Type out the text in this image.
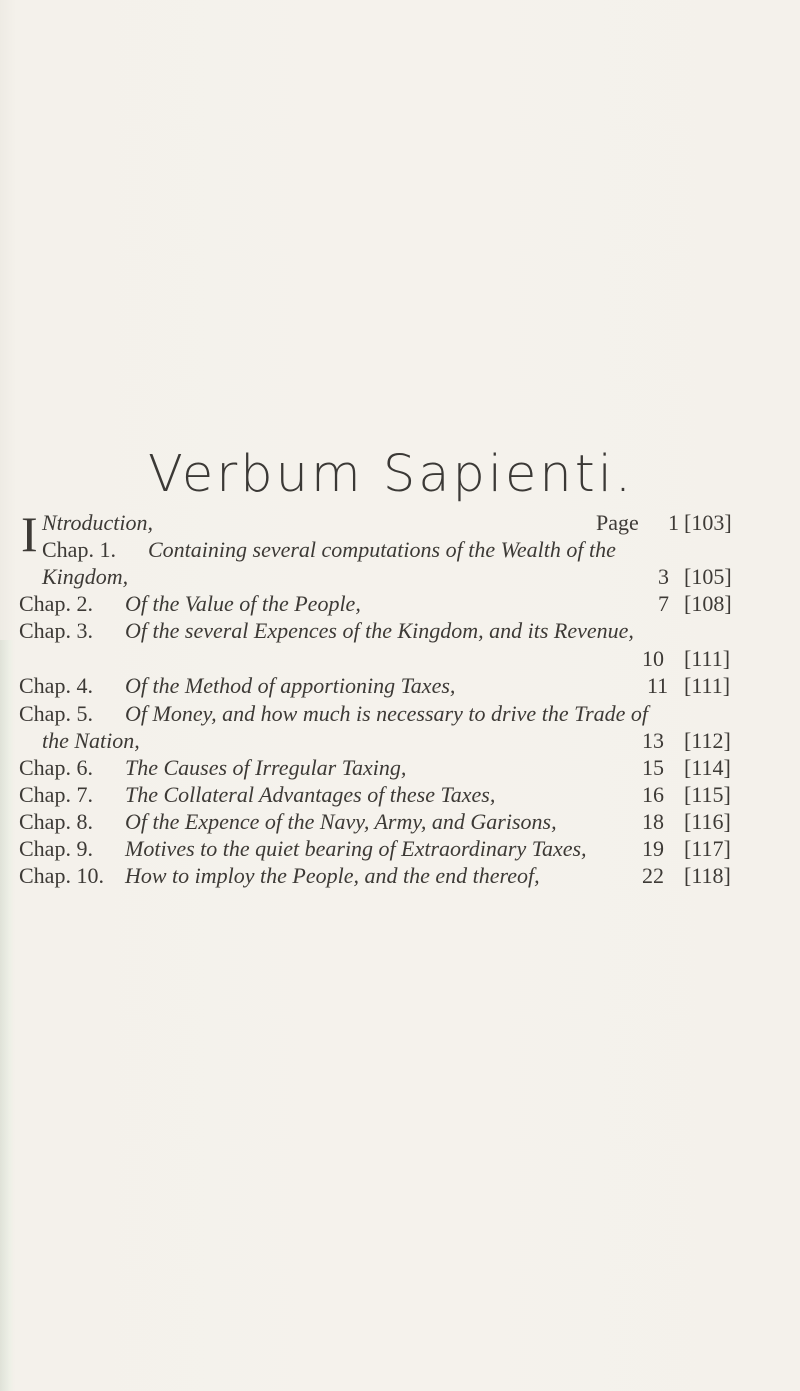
Verbum Sapienti.
I Ntroduction,	Page 1 [103]
Chap. 1. Containing several computations of the Wealth of the
Kingdom,	3 [105]
Chap. 2. Of the Value of the People,	7 [108]
Chap. 3. Of the several Expences of the Kingdom, and its Revenue,
10 [111]
Chap. 4. Of the Method of apportioning Taxes,	11 [111]
Chap. 5. Of Money, and how much is necessary to drive the Trade of
the Nation,	13 [112]
Chap. 6. The Causes of Irregular Taxing,	15 [114]
Chap. 7. The Collateral Advantages of these Taxes,	16 [115]
Chap. 8. Of the Expence of the Navy, Army, and Garisons,	18 [116]
Chap. 9. Motives to the quiet bearing of Extraordinary Taxes,	19 [117]
Chap. 10. How to imploy the People, and the end thereof,	22 [118]
